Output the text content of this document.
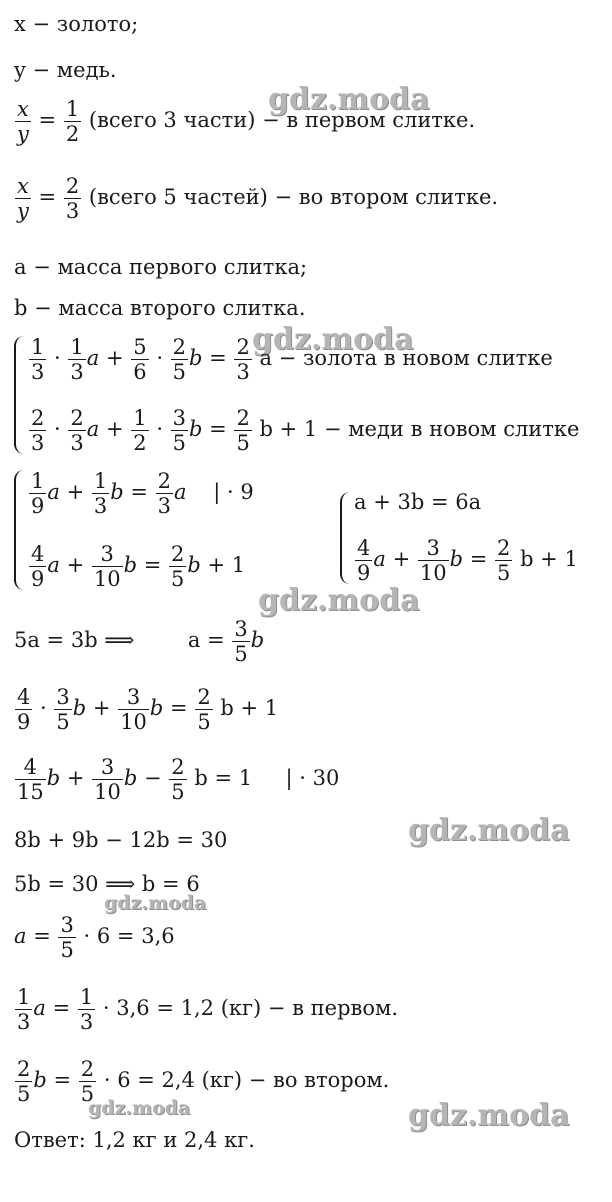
gdz.moda
gdz.moda
gdz.moda
gdz.moda
gdz.moda
gdz.moda	gdz.moda
x − золото;
y − медь.
$\frac{x}{y} = \frac{1}{2}$ (всего 3 части) − в первом слитке.
$\frac{x}{y} = \frac{2}{3}$ (всего 5 частей) − во втором слитке.
a − масса первого слитка;
b − масса второго слитка.
$\frac{1}{3} \cdot \frac{1}{3}$ $a + \frac{5}{6} \cdot \frac{2}{5}$ $b = \frac{2}{3}$ a − золота в новом слитке
$\frac{2}{3} \cdot \frac{2}{3}$ $a + \frac{1}{2} \cdot \frac{3}{5}$ $b = \frac{2}{5}$ b + 1 − меди в новом слитке
$\frac{1}{9}$ $a + \frac{1}{3}$ $b = \frac{2}{3}$ a | · 9
$\frac{4}{9}$ $a + \frac{3}{10}$ $b = \frac{2}{5}$ b + 1
a + 3b = 6a
$\frac{4}{9}$ $a + \frac{3}{10}$ $b = \frac{2}{5}$ b + 1
5a = 3b ⟹	$a = \frac{3}{5}$ b
$\frac{4}{9} \cdot \frac{3}{5}$ $b + \frac{3}{10}$ $b = \frac{2}{5}$ b + 1
$\frac{4}{15}$ $b + \frac{3}{10}$ $b - \frac{2}{5}$ b = 1 | · 30
8b + 9b − 12b = 30
5b = 30 ⟹ b = 6
$a = \frac{3}{5} \cdot 6 = 3,6$
$\frac{1}{3}$ $a = \frac{1}{3} \cdot 3,6 = 1,2$ (кг) − в первом.
$\frac{2}{5}$ $b = \frac{2}{5} \cdot 6 = 2,4$ (кг) − во втором.
Ответ: 1,2 кг и 2,4 кг.
